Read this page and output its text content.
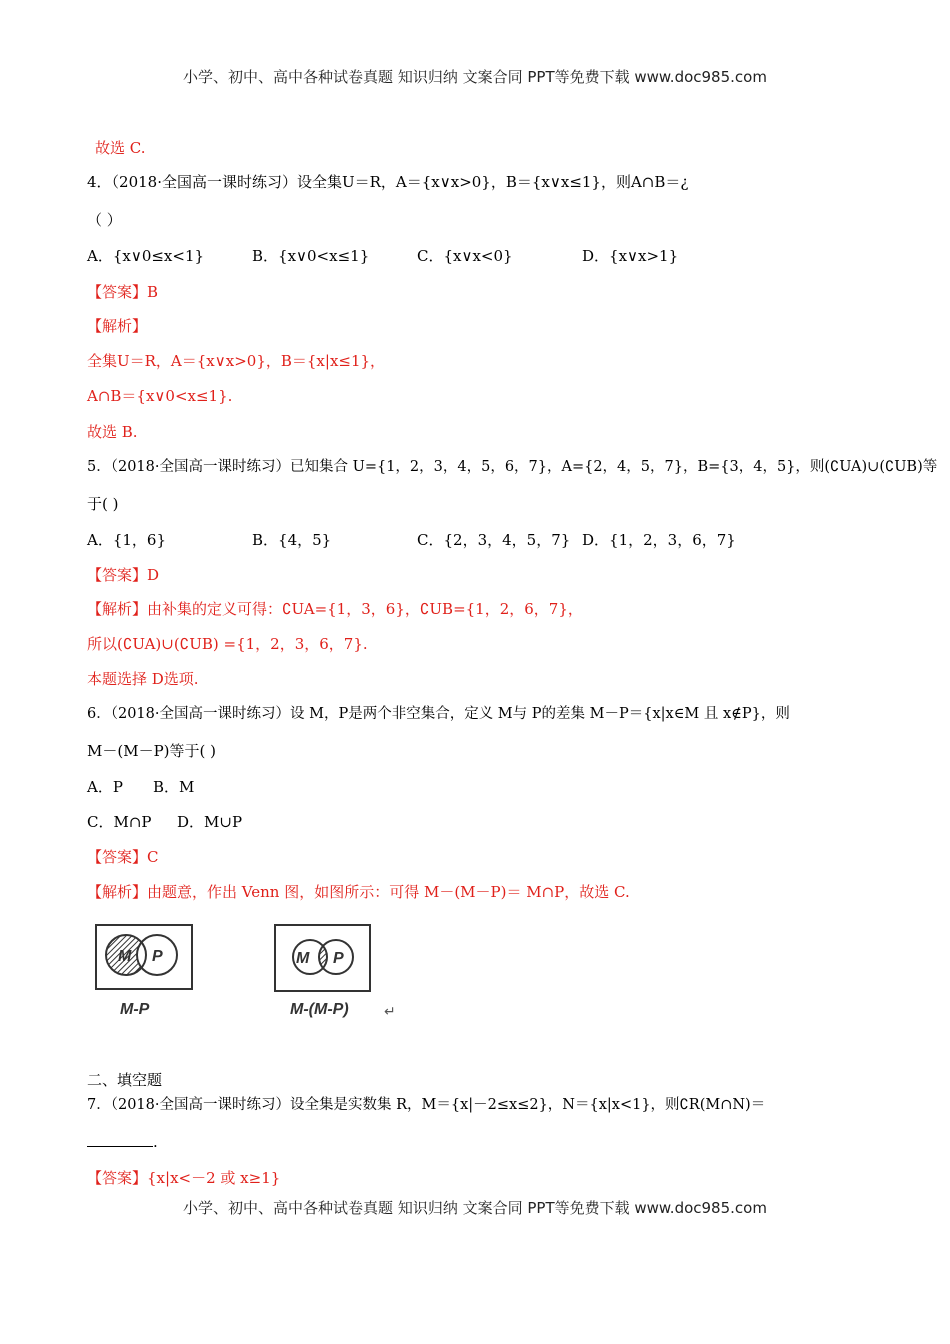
小学、初中、高中各种试卷真题 知识归纳 文案合同 PPT等免费下载 www.doc985.com
故选 C.
4．（2018·全国高一课时练习）设全集U＝R，A＝{x∨x>0}，B＝{x∨x≤1}，则A∩B＝¿
（ ）
A．{x∨0≤x<1}	B．{x∨0<x≤1}	C．{x∨x<0}	D．{x∨x>1}
【答案】B
【解析】
全集U＝R，A＝{x∨x>0}，B＝{x|x≤1}，
A∩B＝{x∨0<x≤1}.
故选 B.
5．（2018·全国高一课时练习）已知集合 U={1，2，3，4，5，6，7}，A={2，4，5，7}，B={3，4，5}，则(∁UA)∪(∁UB)等
于( )
A．{1，6}	B．{4，5}	C．{2，3，4，5，7} D．{1，2，3，6，7}
【答案】D
【解析】由补集的定义可得：∁UA={1，3，6}，∁UB={1，2，6，7}，
所以(∁UA)∪(∁UB) ={1，2，3，6，7}.
本题选择 D选项.
6．（2018·全国高一课时练习）设 M，P是两个非空集合，定义 M与 P的差集 M－P＝{x|x∈M 且 x∉P}，则
M－(M－P)等于( )
A．P B．M
C．M∩P D．M∪P
【答案】C
【解析】由题意，作出 Venn 图，如图所示：可得 M－(M－P)＝ M∩P，故选 C.
M P
M-P
M P
M-(M-P)	↵
二、填空题
7．（2018·全国高一课时练习）设全集是实数集 R，M＝{x|－2≤x≤2}，N＝{x|x<1}，则∁R(M∩N)＝
.
【答案】{x|x<－2 或 x≥1}
小学、初中、高中各种试卷真题 知识归纳 文案合同 PPT等免费下载 www.doc985.com
